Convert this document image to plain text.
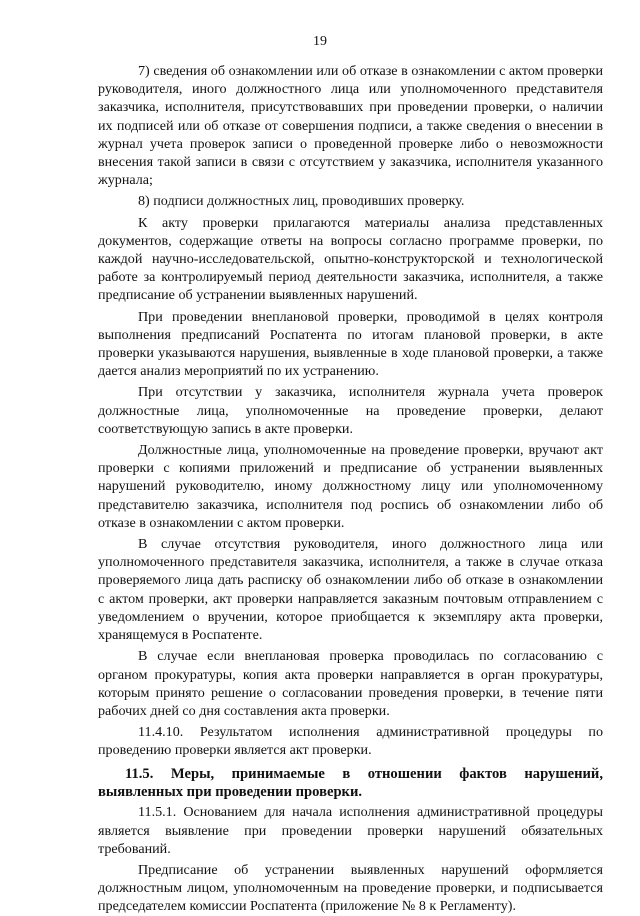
19

7) сведения об ознакомлении или об отказе в ознакомлении с актом проверки руководителя, иного должностного лица или уполномоченного представителя заказчика, исполнителя, присутствовавших при проведении проверки, о наличии их подписей или об отказе от совершения подписи, а также сведения о внесении в журнал учета проверок записи о проведенной проверке либо о невозможности внесения такой записи в связи с отсутствием у заказчика, исполнителя указанного журнала;

8) подписи должностных лиц, проводивших проверку.

К акту проверки прилагаются материалы анализа представленных документов, содержащие ответы на вопросы согласно программе проверки, по каждой научно-исследовательской, опытно-конструкторской и технологической работе за контролируемый период деятельности заказчика, исполнителя, а также предписание об устранении выявленных нарушений.

При проведении внеплановой проверки, проводимой в целях контроля выполнения предписаний Роспатента по итогам плановой проверки, в акте проверки указываются нарушения, выявленные в ходе плановой проверки, а также дается анализ мероприятий по их устранению.

При отсутствии у заказчика, исполнителя журнала учета проверок должностные лица, уполномоченные на проведение проверки, делают соответствующую запись в акте проверки.

Должностные лица, уполномоченные на проведение проверки, вручают акт проверки с копиями приложений и предписание об устранении выявленных нарушений руководителю, иному должностному лицу или уполномоченному представителю заказчика, исполнителя под роспись об ознакомлении либо об отказе в ознакомлении с актом проверки.

В случае отсутствия руководителя, иного должностного лица или уполномоченного представителя заказчика, исполнителя, а также в случае отказа проверяемого лица дать расписку об ознакомлении либо об отказе в ознакомлении с актом проверки, акт проверки направляется заказным почтовым отправлением с уведомлением о вручении, которое приобщается к экземпляру акта проверки, хранящемуся в Роспатенте.

В случае если внеплановая проверка проводилась по согласованию с органом прокуратуры, копия акта проверки направляется в орган прокуратуры, которым принято решение о согласовании проведения проверки, в течение пяти рабочих дней со дня составления акта проверки.

11.4.10. Результатом исполнения административной процедуры по проведению проверки является акт проверки.

11.5. Меры, принимаемые в отношении фактов нарушений, выявленных при проведении проверки.

11.5.1. Основанием для начала исполнения административной процедуры является выявление при проведении проверки нарушений обязательных требований.

Предписание об устранении выявленных нарушений оформляется должностным лицом, уполномоченным на проведение проверки, и подписывается председателем комиссии Роспатента (приложение № 8 к Регламенту).
